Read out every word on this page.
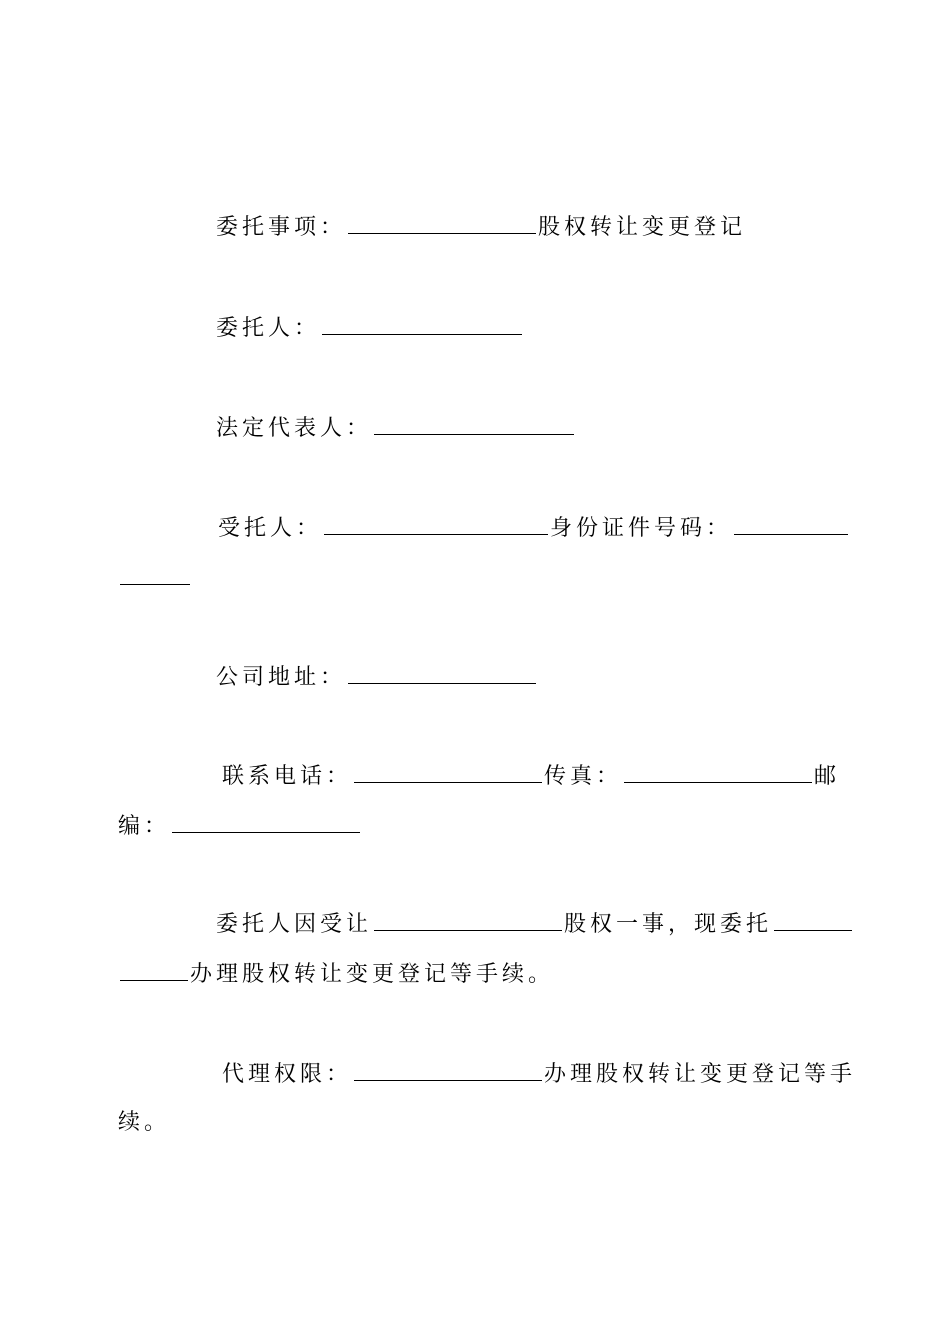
委托事项：	股权转让变更登记
委托人：
法定代表人：
受托人：	身份证件号码：
公司地址：
联系电话：	传真：	邮
编：
委托人因受让	股权一事，现委托
办理股权转让变更登记等手续。
代理权限：	办理股权转让变更登记等手
续。
